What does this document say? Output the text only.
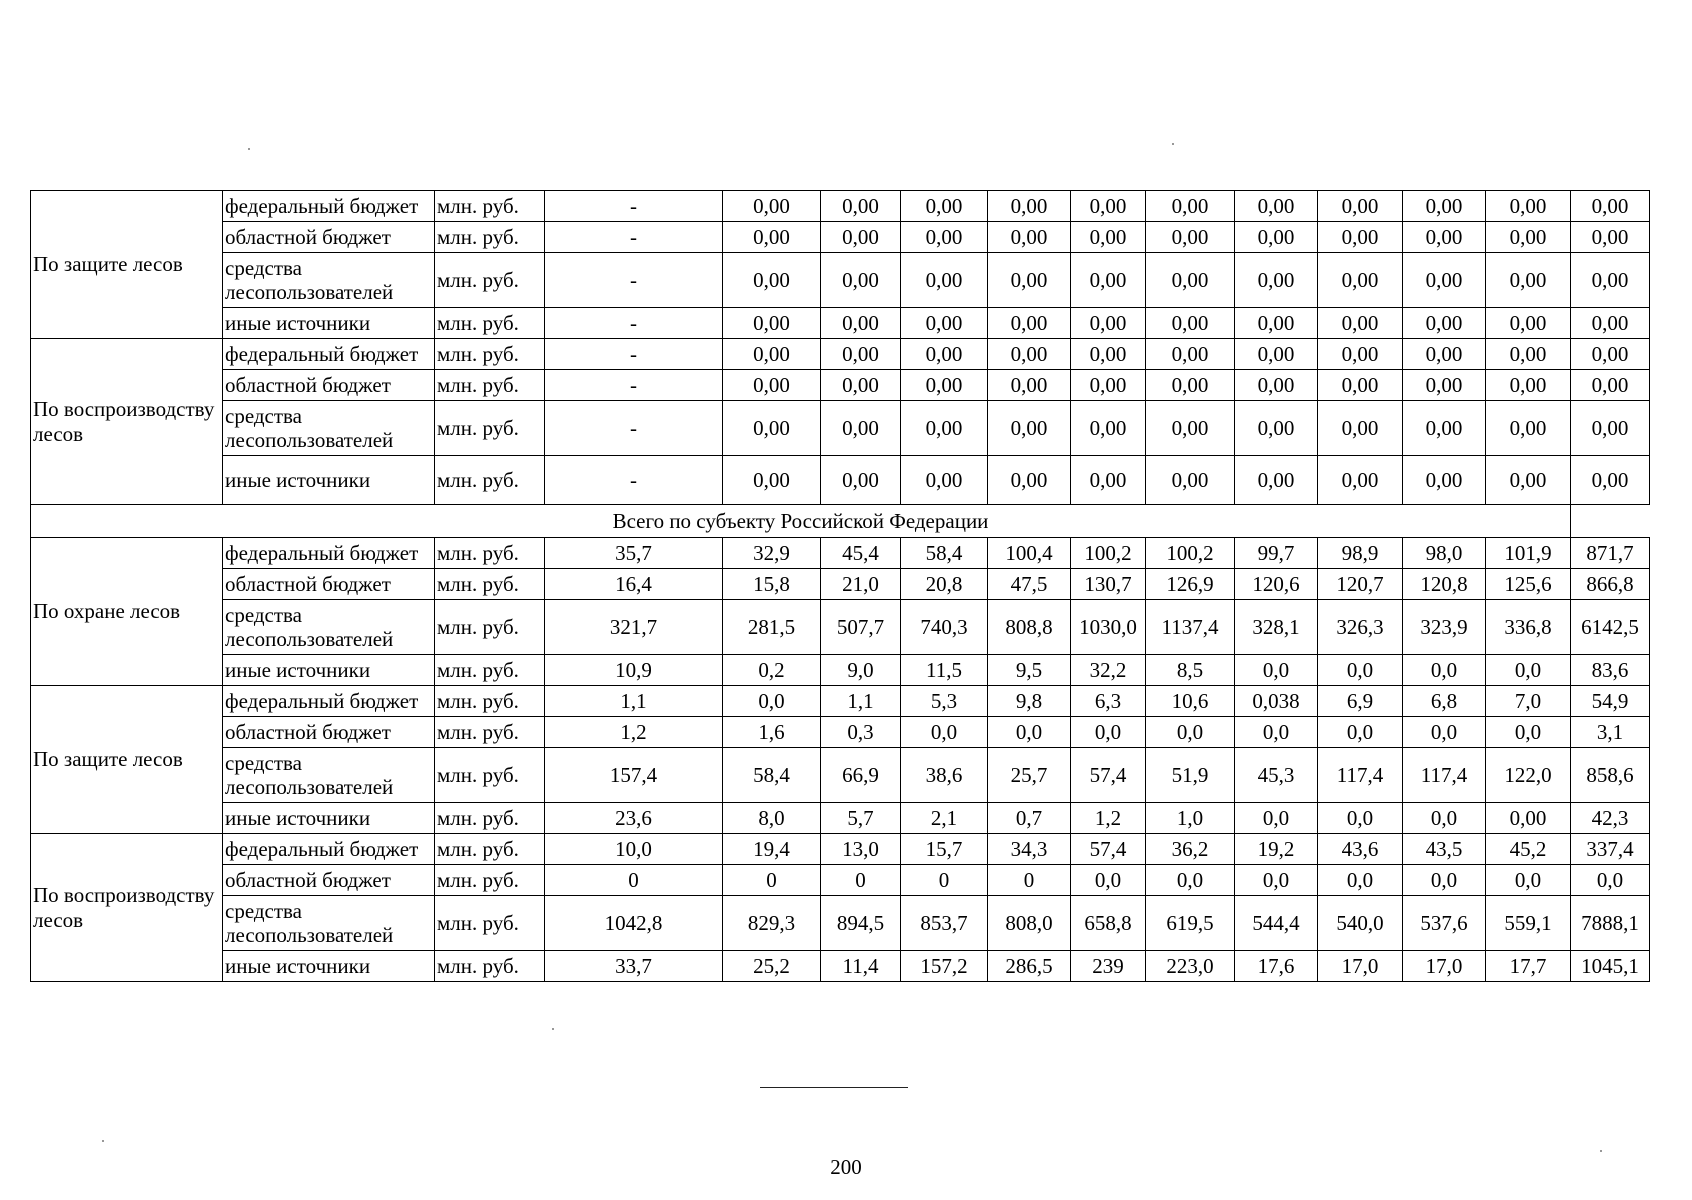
По защите лесов	федеральный бюджет	млн. руб.	-	0,00	0,00	0,00	0,00	0,00	0,00	0,00	0,00	0,00	0,00	0,00
	областной бюджет	млн. руб.	-	0,00	0,00	0,00	0,00	0,00	0,00	0,00	0,00	0,00	0,00	0,00
	средства лесопользователей	млн. руб.	-	0,00	0,00	0,00	0,00	0,00	0,00	0,00	0,00	0,00	0,00	0,00
	иные источники	млн. руб.	-	0,00	0,00	0,00	0,00	0,00	0,00	0,00	0,00	0,00	0,00	0,00
По воспроизводству лесов	федеральный бюджет	млн. руб.	-	0,00	0,00	0,00	0,00	0,00	0,00	0,00	0,00	0,00	0,00	0,00
	областной бюджет	млн. руб.	-	0,00	0,00	0,00	0,00	0,00	0,00	0,00	0,00	0,00	0,00	0,00
	средства лесопользователей	млн. руб.	-	0,00	0,00	0,00	0,00	0,00	0,00	0,00	0,00	0,00	0,00	0,00
	иные источники	млн. руб.	-	0,00	0,00	0,00	0,00	0,00	0,00	0,00	0,00	0,00	0,00	0,00
Всего по субъекту Российской Федерации														
По охране лесов	федеральный бюджет	млн. руб.	35,7	32,9	45,4	58,4	100,4	100,2	100,2	99,7	98,9	98,0	101,9	871,7
	областной бюджет	млн. руб.	16,4	15,8	21,0	20,8	47,5	130,7	126,9	120,6	120,7	120,8	125,6	866,8
	средства лесопользователей	млн. руб.	321,7	281,5	507,7	740,3	808,8	1030,0	1137,4	328,1	326,3	323,9	336,8	6142,5
	иные источники	млн. руб.	10,9	0,2	9,0	11,5	9,5	32,2	8,5	0,0	0,0	0,0	0,0	83,6
По защите лесов	федеральный бюджет	млн. руб.	1,1	0,0	1,1	5,3	9,8	6,3	10,6	0,038	6,9	6,8	7,0	54,9
	областной бюджет	млн. руб.	1,2	1,6	0,3	0,0	0,0	0,0	0,0	0,0	0,0	0,0	0,0	3,1
	средства лесопользователей	млн. руб.	157,4	58,4	66,9	38,6	25,7	57,4	51,9	45,3	117,4	117,4	122,0	858,6
	иные источники	млн. руб.	23,6	8,0	5,7	2,1	0,7	1,2	1,0	0,0	0,0	0,0	0,00	42,3
По воспроизводству лесов	федеральный бюджет	млн. руб.	10,0	19,4	13,0	15,7	34,3	57,4	36,2	19,2	43,6	43,5	45,2	337,4
	областной бюджет	млн. руб.	0	0	0	0	0	0,0	0,0	0,0	0,0	0,0	0,0	0,0
	средства лесопользователей	млн. руб.	1042,8	829,3	894,5	853,7	808,0	658,8	619,5	544,4	540,0	537,6	559,1	7888,1
	иные источники	млн. руб.	33,7	25,2	11,4	157,2	286,5	239	223,0	17,6	17,0	17,0	17,7	1045,1
200
